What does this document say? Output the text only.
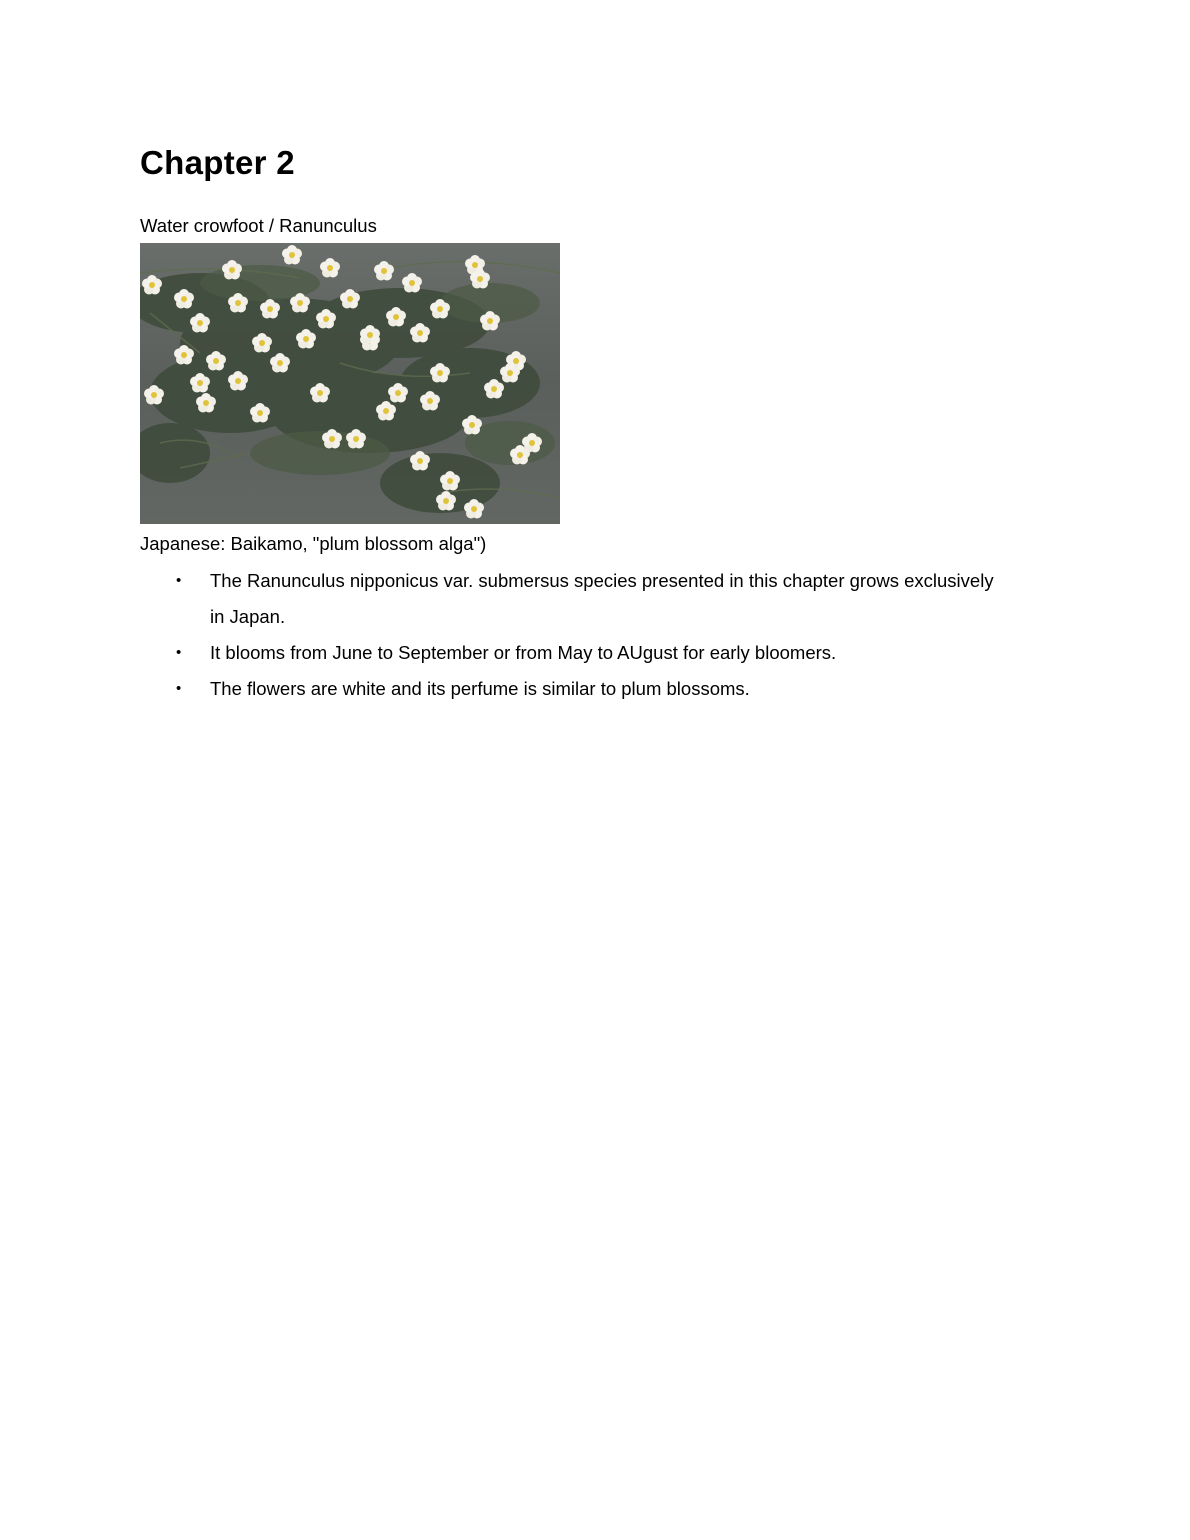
Chapter 2

Water crowfoot / Ranunculus

Japanese: Baikamo, "plum blossom alga")

• The Ranunculus nipponicus var. submersus species presented in this chapter grows exclusively in Japan.
• It blooms from June to September or from May to AUgust for early bloomers.
• The flowers are white and its perfume is similar to plum blossoms.
